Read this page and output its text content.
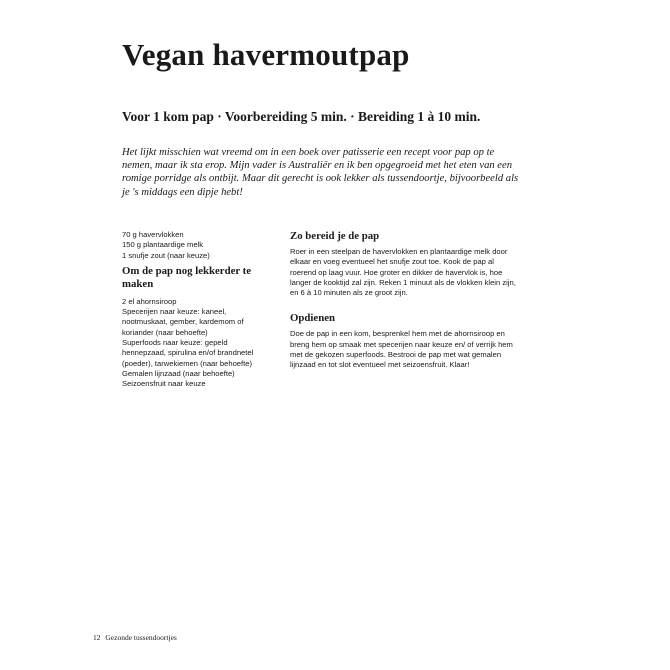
Vegan havermoutpap
Voor 1 kom pap · Voorbereiding 5 min. · Bereiding 1 à 10 min.

Het lijkt misschien wat vreemd om in een boek over patisserie een recept voor pap op te
nemen, maar ik sta erop. Mijn vader is Australiër en ik ben opgegroeid met het eten van een
romige porridge als ontbijt. Maar dit gerecht is ook lekker als tussendoortje, bijvoorbeeld als
je 's middags een dipje hebt!

70 g havervlokken
150 g plantaardige melk
1 snufje zout (naar keuze)
Om de pap nog lekkerder te
maken
2 el ahornsiroop
Specerijen naar keuze: kaneel,
nootmuskaat, gember, kardemom of
koriander (naar behoefte)
Superfoods naar keuze: gepeld
hennepzaad, spirulina en/of brandnetel
(poeder), tarwekiemen (naar behoefte)
Gemalen lijnzaad (naar behoefte)
Seizoensfruit naar keuze
Zo bereid je de pap
Roer in een steelpan de havervlokken en plantaardige melk door
elkaar en voeg eventueel het snufje zout toe. Kook de pap al
roerend op laag vuur. Hoe groter en dikker de havervlok is, hoe
langer de kooktijd zal zijn. Reken 1 minuut als de vlokken klein zijn,
en 6 à 10 minuten als ze groot zijn.
Opdienen
Doe de pap in een kom, besprenkel hem met de ahornsiroop en
breng hem op smaak met specerijen naar keuze en/ of verrijk hem
met de gekozen superfoods. Bestrooi de pap met wat gemalen
lijnzaad en tot slot eventueel met seizoensfruit. Klaar!
12 Gezonde tussendoortjes
